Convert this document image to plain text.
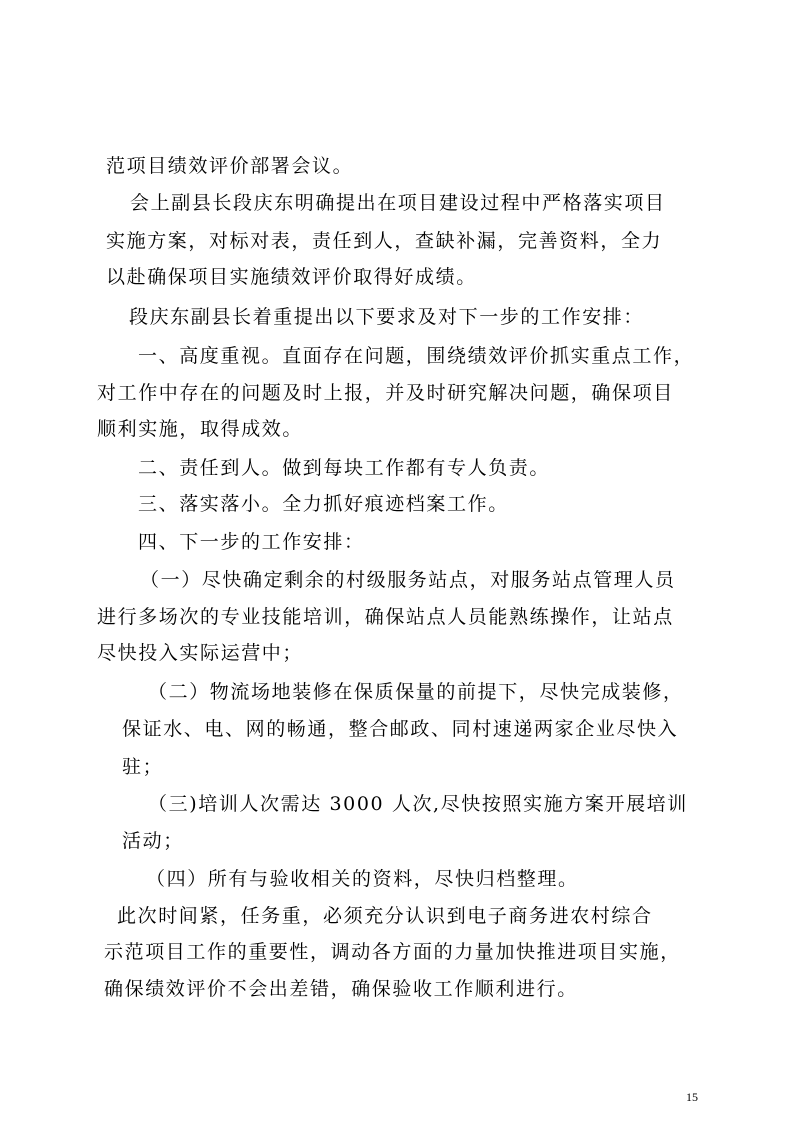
范项目绩效评价部署会议。
会上副县长段庆东明确提出在项目建设过程中严格落实项目
实施方案，对标对表，责任到人，查缺补漏，完善资料，全力
以赴确保项目实施绩效评价取得好成绩。
段庆东副县长着重提出以下要求及对下一步的工作安排：
一、高度重视。直面存在问题，围绕绩效评价抓实重点工作，
对工作中存在的问题及时上报，并及时研究解决问题，确保项目
顺利实施，取得成效。
二、责任到人。做到每块工作都有专人负责。
三、落实落小。全力抓好痕迹档案工作。
四、下一步的工作安排：
（一）尽快确定剩余的村级服务站点，对服务站点管理人员
进行多场次的专业技能培训，确保站点人员能熟练操作，让站点
尽快投入实际运营中；
（二）物流场地装修在保质保量的前提下，尽快完成装修，
保证水、电、网的畅通，整合邮政、同村速递两家企业尽快入
驻；
（三)培训人次需达 3000 人次,尽快按照实施方案开展培训
活动；
（四）所有与验收相关的资料，尽快归档整理。
此次时间紧，任务重，必须充分认识到电子商务进农村综合
示范项目工作的重要性，调动各方面的力量加快推进项目实施，
确保绩效评价不会出差错，确保验收工作顺利进行。
15
